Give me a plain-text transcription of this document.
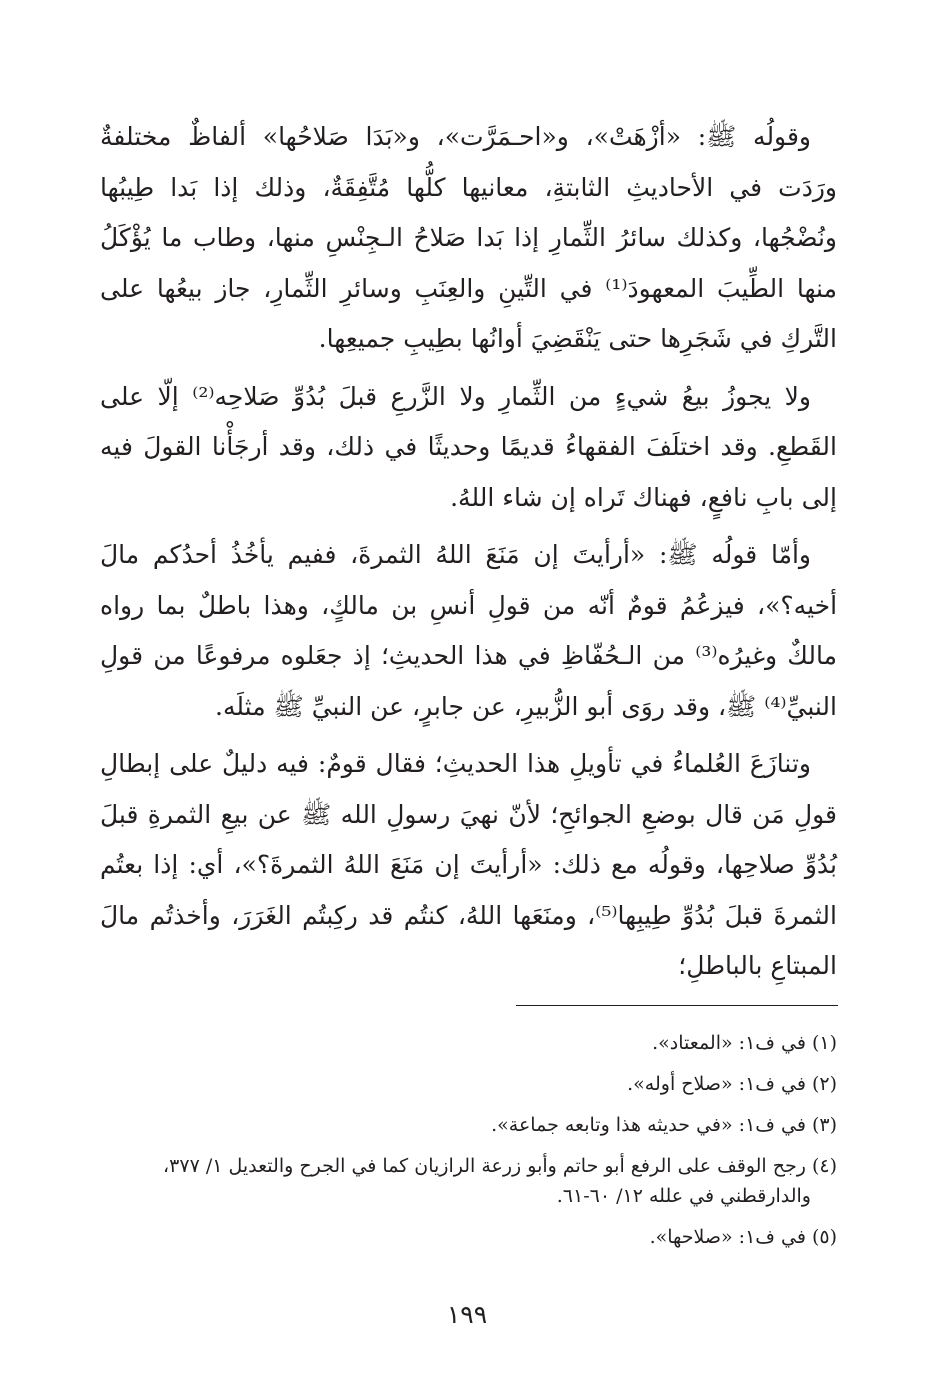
وقولُه ﷺ: «أزْهَتْ»، و«احـمَرَّت»، و«بَدَا صَلاحُها» ألفاظٌ مختلفةٌ ورَدَت في الأحاديثِ الثابتةِ، معانيها كلُّها مُتَّفِقَةٌ، وذلك إذا بَدا طِيبُها ونُضْجُها، وكذلك سائرُ الثِّمارِ إذا بَدا صَلاحُ الـجِنْسِ منها، وطاب ما يُؤْكَلُ منها الطِّيبَ المعهودَ⁽¹⁾ في التِّينِ والعِنَبِ وسائرِ الثِّمارِ، جاز بيعُها على التَّركِ في شَجَرِها حتى يَنْقَضِيَ أوانُها بطِيبِ جميعِها.

ولا يجوزُ بيعُ شيءٍ من الثِّمارِ ولا الزَّرعِ قبلَ بُدُوِّ صَلاحِه⁽²⁾ إلّا على القَطعِ. وقد اختلَفَ الفقهاءُ قديمًا وحديثًا في ذلك، وقد أرجَأْنا القولَ فيه إلى بابِ نافعٍ، فهناك تَراه إن شاء اللهُ.

وأمّا قولُه ﷺ: «أرأيتَ إن مَنَعَ اللهُ الثمرةَ، ففيم يأخُذُ أحدُكم مالَ أخيه؟»، فيزعُمُ قومٌ أنّه من قولِ أنسِ بن مالكٍ، وهذا باطلٌ بما رواه مالكٌ وغيرُه⁽³⁾ من الـحُفّاظِ في هذا الحديثِ؛ إذ جعَلوه مرفوعًا من قولِ النبيِّ⁽⁴⁾ ﷺ، وقد روَى أبو الزُّبيرِ، عن جابرٍ، عن النبيِّ ﷺ مثلَه.

وتنازَعَ العُلماءُ في تأويلِ هذا الحديثِ؛ فقال قومٌ: فيه دليلٌ على إبطالِ قولِ مَن قال بوضعِ الجوائحِ؛ لأنّ نهيَ رسولِ الله ﷺ عن بيعِ الثمرةِ قبلَ بُدُوِّ صلاحِها، وقولُه مع ذلك: «أرأيتَ إن مَنَعَ اللهُ الثمرةَ؟»، أي: إذا بعتُم الثمرةَ قبلَ بُدُوِّ طِيبِها⁽⁵⁾، ومنَعَها اللهُ، كنتُم قد ركِبتُم الغَرَرَ، وأخذتُم مالَ المبتاعِ بالباطلِ؛

(١)في ف١: «المعتاد».

(٢)في ف١: «صلاح أوله».

(٣)في ف١: «في حديثه هذا وتابعه جماعة».

(٤)رجح الوقف على الرفع أبو حاتم وأبو زرعة الرازيان كما في الجرح والتعديل ١/ ٣٧٧،
والدارقطني في علله ١٢/ ٦٠-٦١.

(٥)في ف١: «صلاحها».

١٩٩
